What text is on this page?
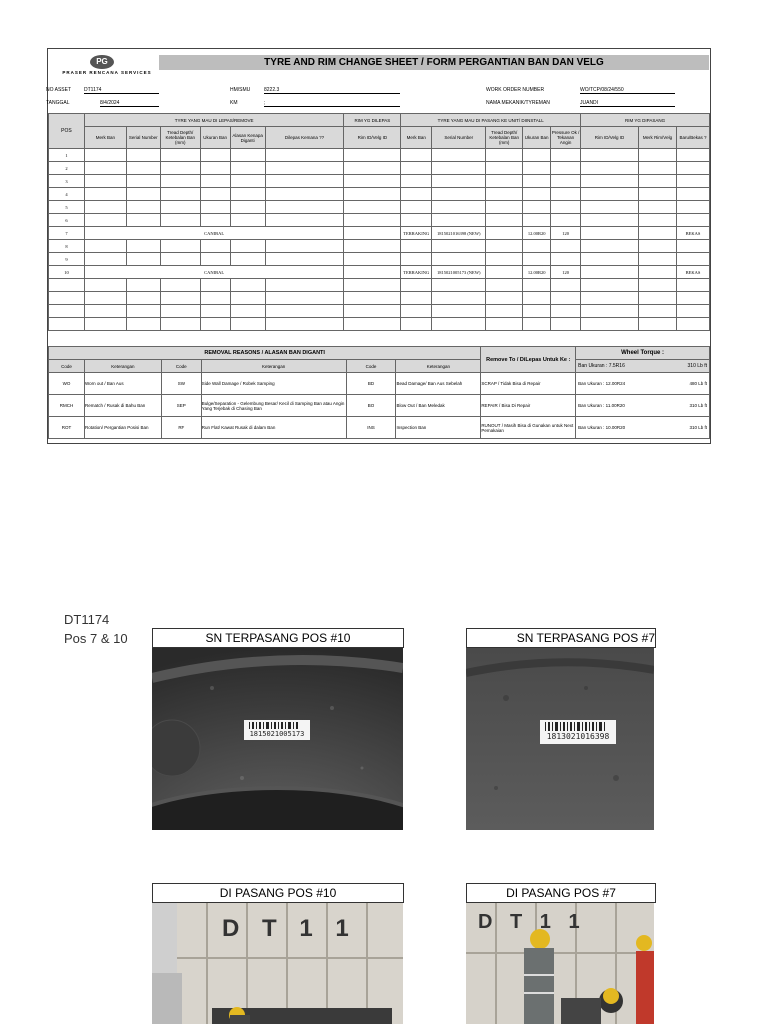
PG
PRASER RENCANA SERVICES
TYRE AND RIM CHANGE SHEET / FORM PERGANTIAN BAN DAN VELG
NO ASSET	DT1174	HM/SMU	8222.3	WORK ORDER NUMBER	WO/TCP/08/24/550
TANGGAL	8/4/2024	KM	;	NAMA MEKANIK/TYREMAN	JUANDI
POS	TYRE YANG MAU DI LEPAS/REMOVE						RIM YG DILEPAS	TYRE YANG MAU DI PASANG KE UNIT/ DIINSTALL					RIM YG DIPASANG		
	Merk Ban	Serial Number	Tread Depth/ Ketebalan Ban (mm)	Ukuran Ban	Alasan Kenapa Diganti	Dilepas Kemana ??	Rim ID/Velg ID	Merk Ban	Serial Number	Tread Depth/ Ketebalan Ban (mm)	Ukuran Ban	Pressure Ok / Tekanan Angin	Rim ID/Velg ID	Merk Rim/Velg	Baru/Bekas ?
1															
2															
3															
4															
5															
6															
7	CANIBAL							TERRAKING	1815021016398 (NEW)		12.00R20	120			BEKAS
8															
9															
10	CANIBAL							TERRAKING	1815021005173 (NEW)		12.00R20	120			BEKAS

REMOVAL REASONS / ALASAN BAN DIGANTI						Remove To / DiLepas Untuk Ke :	Wheel Torque :
Code	Keterangan	Code	Keterangan	Code	Keterangan		Ban Ukuran : 7.5R16 310 Lb ft

WO	Worn out / Ban Aus	SW	Side Wall Damage / Robek Samping	BD	Bead Damage/ Ban Aus Sebelah	SCRAP / Tidak Bisa di Repair	Ban Ukuran : 12.00R24 480 Lb ft

RMCH	Rematch / Rusak di Bahu Ban	SEP	Bulge/Separation - Gelembung Besar/ Kecil di Samping Ban atau Angin Yang Terjebak di Chasing Ban	BO	Blow Out / Ban Meledak	REPAIR / Bisa Di Repair	Ban Ukuran : 11.00R20 310 Lb ft

ROT	Rotation/ Pergantian Posisi Ban	RF	Run Flat/ Kawat Rusak di dalam Ban	INS	Inspection Ban	RUNOUT / Masih Bisa di Gunakan untuk Next Pemakaian	Ban Ukuran : 10.00R20 310 Lb ft
DT1174
Pos 7 & 10	SN TERPASANG POS #10
1815021005173
SN TERPASANG POS #7
1813021016398
DI PASANG POS #10
D T 1 1
DI PASANG POS #7
D T 1 1
